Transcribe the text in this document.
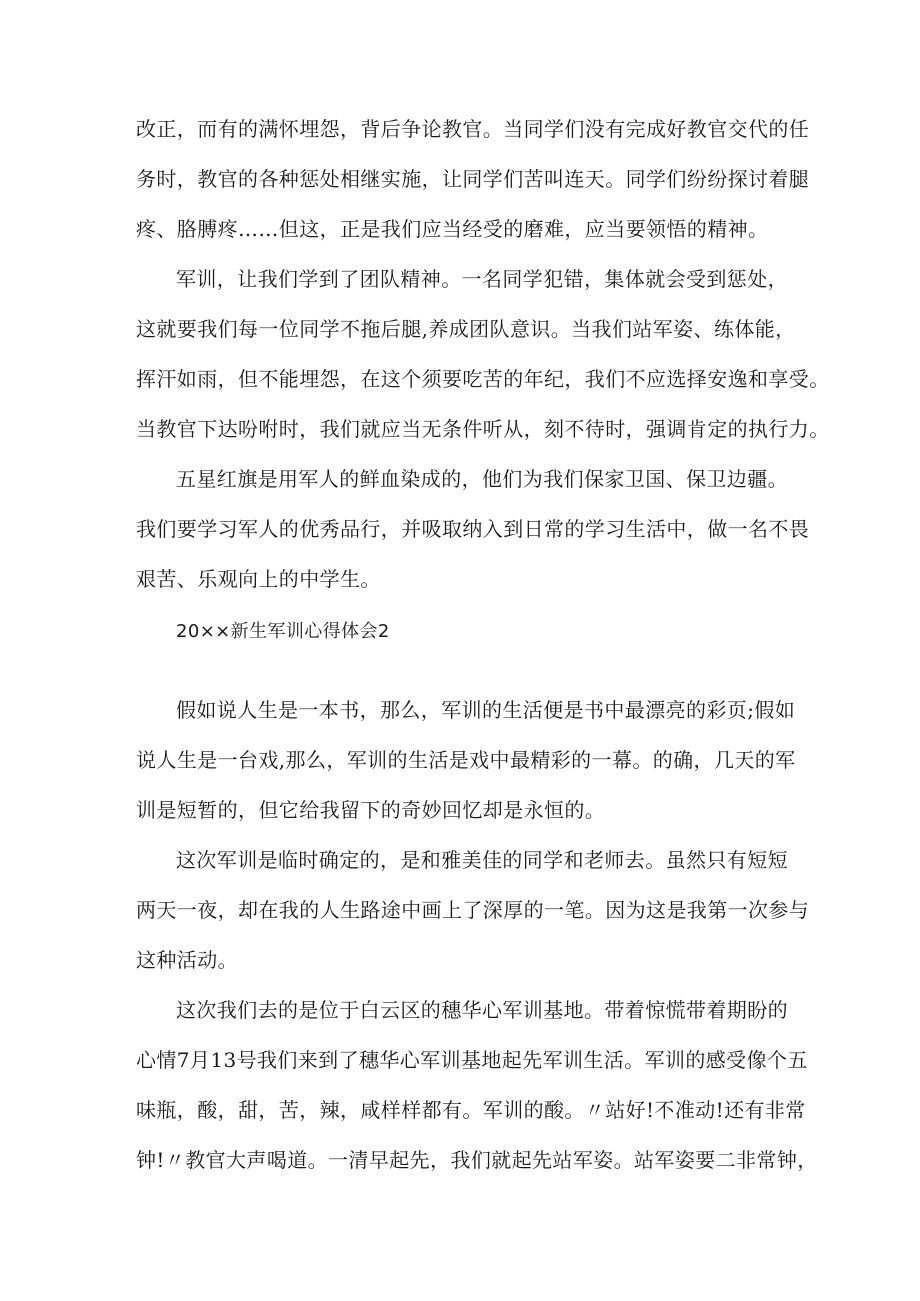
改正，而有的满怀埋怨，背后争论教官。当同学们没有完成好教官交代的任
务时，教官的各种惩处相继实施，让同学们苦叫连天。同学们纷纷探讨着腿
疼、胳膊疼……但这，正是我们应当经受的磨难，应当要领悟的精神。
军训，让我们学到了团队精神。一名同学犯错，集体就会受到惩处，
这就要我们每一位同学不拖后腿,养成团队意识。当我们站军姿、练体能，
挥汗如雨，但不能埋怨，在这个须要吃苦的年纪，我们不应选择安逸和享受。
当教官下达吩咐时，我们就应当无条件听从，刻不待时，强调肯定的执行力。
五星红旗是用军人的鲜血染成的，他们为我们保家卫国、保卫边疆。
我们要学习军人的优秀品行，并吸取纳入到日常的学习生活中，做一名不畏
艰苦、乐观向上的中学生。
20××新生军训心得体会2
假如说人生是一本书，那么，军训的生活便是书中最漂亮的彩页;假如
说人生是一台戏,那么，军训的生活是戏中最精彩的一幕。的确，几天的军
训是短暂的，但它给我留下的奇妙回忆却是永恒的。
这次军训是临时确定的，是和雅美佳的同学和老师去。虽然只有短短
两天一夜，却在我的人生路途中画上了深厚的一笔。因为这是我第一次参与
这种活动。
这次我们去的是位于白云区的穗华心军训基地。带着惊慌带着期盼的
心情7月13号我们来到了穗华心军训基地起先军训生活。军训的感受像个五
味瓶，酸，甜，苦，辣，咸样样都有。军训的酸。〃站好!不准动!还有非常
钟!〃教官大声喝道。一清早起先，我们就起先站军姿。站军姿要二非常钟，
